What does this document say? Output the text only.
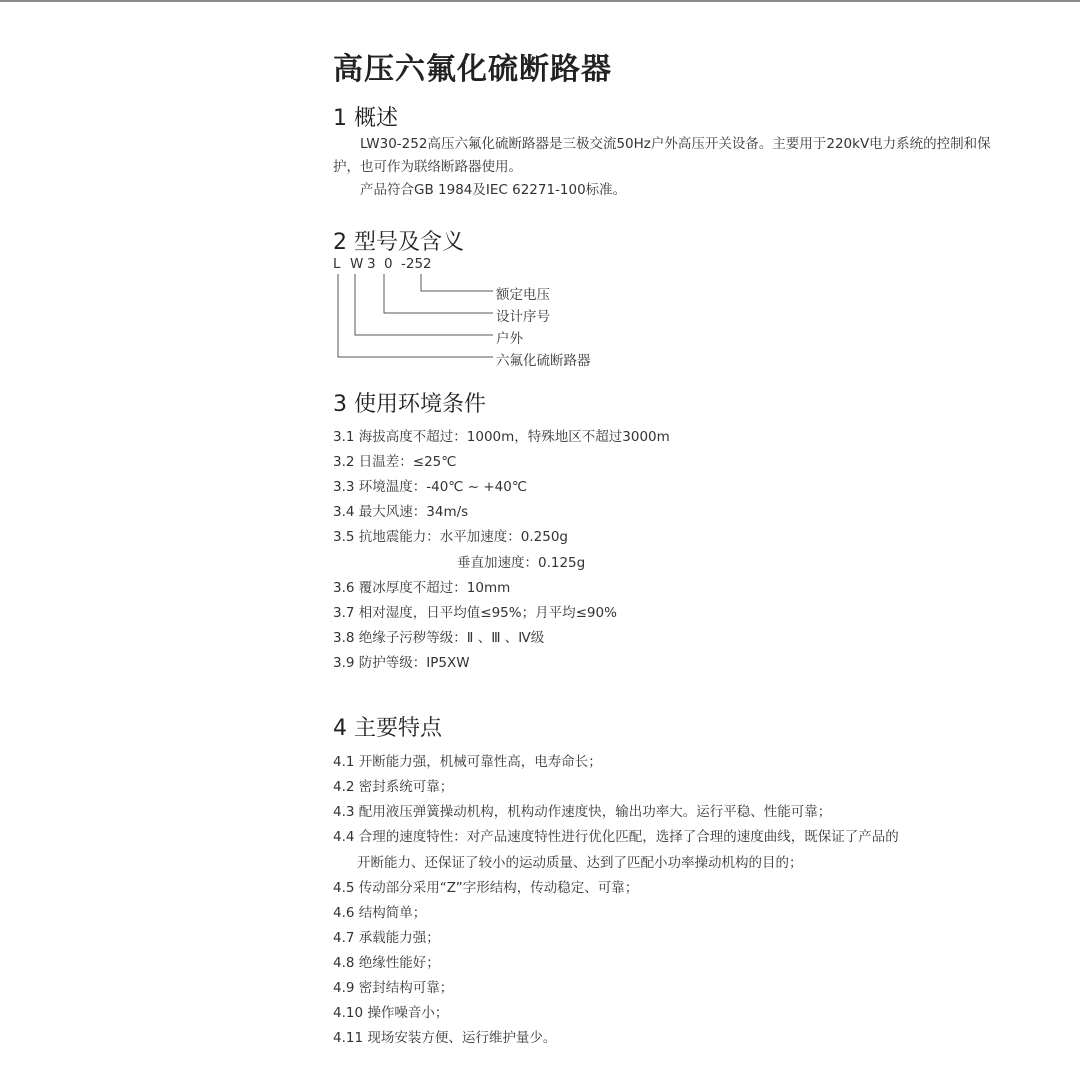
高压六氟化硫断路器
1 概述

LW30-252高压六氟化硫断路器是三极交流50Hz户外高压开关设备。主要用于220kV电力系统的控制和保护，也可作为联络断路器使用。

产品符合GB 1984及IEC 62271-100标准。

2 型号及含义
L W 3 0 -252
额定电压
设计序号
户外
六氟化硫断路器
3 使用环境条件
3.1 海拔高度不超过：1000m，特殊地区不超过3000m
3.2 日温差：≤25℃
3.3 环境温度：-40℃ ~ +40℃
3.4 最大风速：34m/s
3.5 抗地震能力：水平加速度：0.250g
垂直加速度：0.125g
3.6 覆冰厚度不超过：10mm
3.7 相对湿度，日平均值≤95%；月平均≤90%
3.8 绝缘子污秽等级：Ⅱ 、Ⅲ 、Ⅳ级
3.9 防护等级：IP5XW
4 主要特点
4.1 开断能力强，机械可靠性高，电寿命长；
4.2 密封系统可靠；
4.3 配用液压弹簧操动机构，机构动作速度快，输出功率大。运行平稳、性能可靠；
4.4 合理的速度特性：对产品速度特性进行优化匹配，选择了合理的速度曲线，既保证了产品的
开断能力、还保证了较小的运动质量、达到了匹配小功率操动机构的目的；
4.5 传动部分采用“Z”字形结构，传动稳定、可靠；
4.6 结构简单；
4.7 承载能力强；
4.8 绝缘性能好；
4.9 密封结构可靠；
4.10 操作噪音小；
4.11 现场安装方便、运行维护量少。
